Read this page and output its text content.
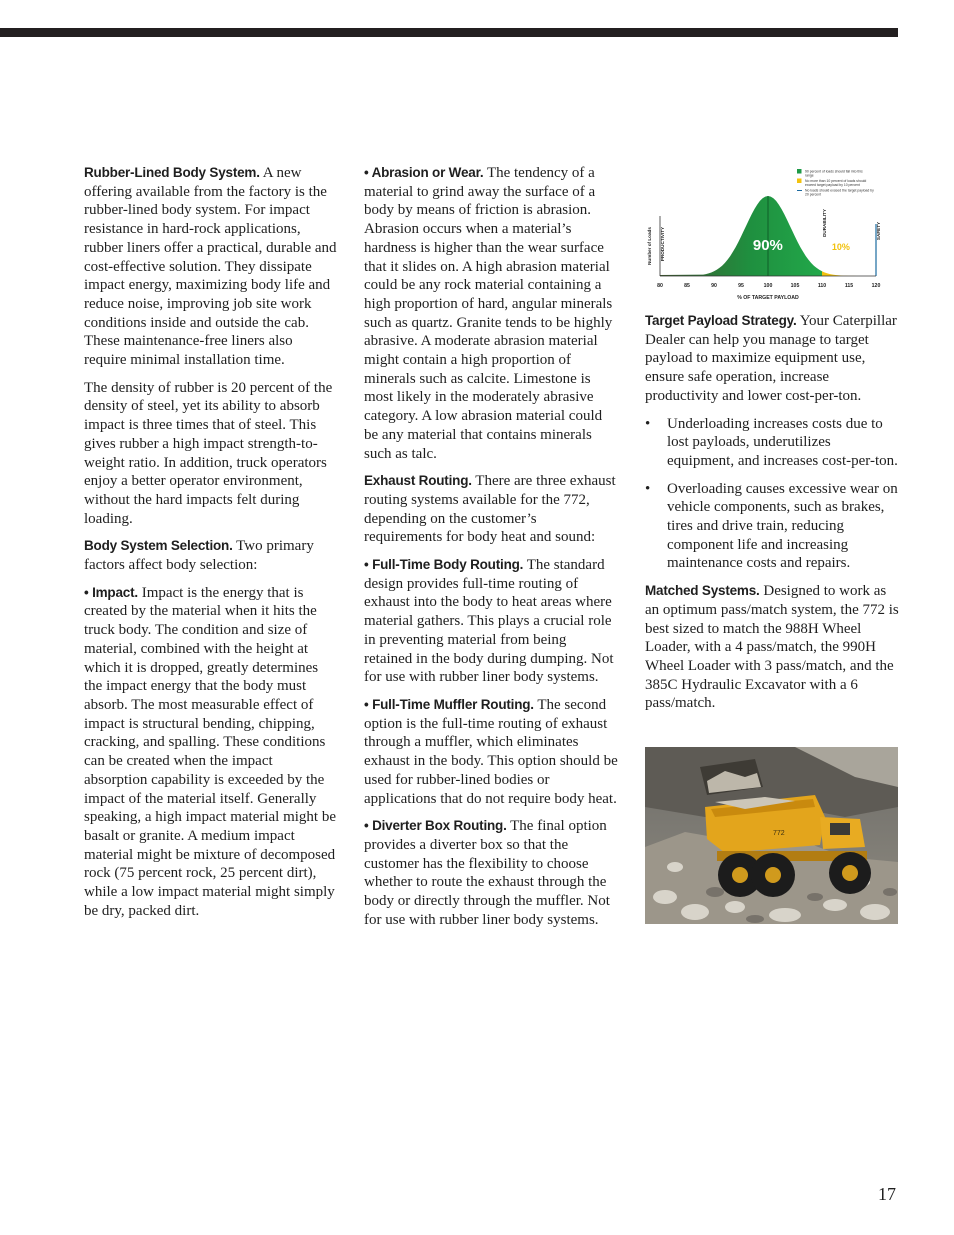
Rubber-Lined Body System. A new offering available from the factory is the rubber-lined body system. For impact resistance in hard-rock applications, rubber liners offer a practical, durable and cost-effective solution. They dissipate impact energy, maximizing body life and reduce noise, improving job site work conditions inside and outside the cab. These maintenance-free liners also require minimal installation time.

The density of rubber is 20 percent of the density of steel, yet its ability to absorb impact is three times that of steel. This gives rubber a high impact strength-to-weight ratio. In addition, truck operators enjoy a better operator environment, without the hard impacts felt during loading.

Body System Selection. Two primary factors affect body selection:

• Impact. Impact is the energy that is created by the material when it hits the truck body. The condition and size of material, combined with the height at which it is dropped, greatly determines the impact energy that the body must absorb. The most measurable effect of impact is structural bending, chipping, cracking, and spalling. These conditions can be created when the impact absorption capability is exceeded by the impact of the material itself. Generally speaking, a high impact material might be basalt or granite. A medium impact material might be mixture of decomposed rock (75 percent rock, 25 percent dirt), while a low impact material might simply be dry, packed dirt.

• Abrasion or Wear. The tendency of a material to grind away the surface of a body by means of friction is abrasion. Abrasion occurs when a material’s hardness is higher than the wear surface that it slides on. A high abrasion material could be any rock material containing a high proportion of hard, angular minerals such as quartz. Granite tends to be highly abrasive. A moderate abrasion material might contain a high proportion of minerals such as calcite. Limestone is most likely in the moderately abrasive category. A low abrasion material could be any material that contains minerals such as talc.

Exhaust Routing. There are three exhaust routing systems available for the 772, depending on the customer’s requirements for body heat and sound:

• Full-Time Body Routing. The standard design provides full-time routing of exhaust into the body to heat areas where material gathers. This plays a crucial role in preventing material from being retained in the body during dumping. Not for use with rubber liner body systems.

• Full-Time Muffler Routing. The second option is the full-time routing of exhaust through a muffler, which eliminates exhaust in the body. This option should be used for rubber-lined bodies or applications that do not require body heat.

• Diverter Box Routing. The final option provides a diverter box so that the customer has the flexibility to choose whether to route the exhaust through the body or directly through the muffler. Not for use with rubber liner body systems.

80	85	90	95	100	105	110	115	120
% OF TARGET PAYLOAD
Number of Loads PRODUCTIVITY
DURABILITY	SAFETY
90%	10%
90 percent of loads should fall into this range
No more than 10 percent of loads should exceed target payload by 10 percent
No loads should exceed the target payload by 20 percent

Target Payload Strategy. Your Caterpillar Dealer can help you manage to target payload to maximize equipment use, ensure safe operation, increase productivity and lower cost-per-ton.

• Underloading increases costs due to lost payloads, underutilizes equipment, and increases cost-per-ton.
• Overloading causes excessive wear on vehicle components, such as brakes, tires and drive train, reducing component life and increasing maintenance costs and repairs.

Matched Systems. Designed to work as an optimum pass/match system, the 772 is best sized to match the 988H Wheel Loader, with a 4 pass/match, the 990H Wheel Loader with 3 pass/match, and the 385C Hydraulic Excavator with a 6 pass/match.

772
17
